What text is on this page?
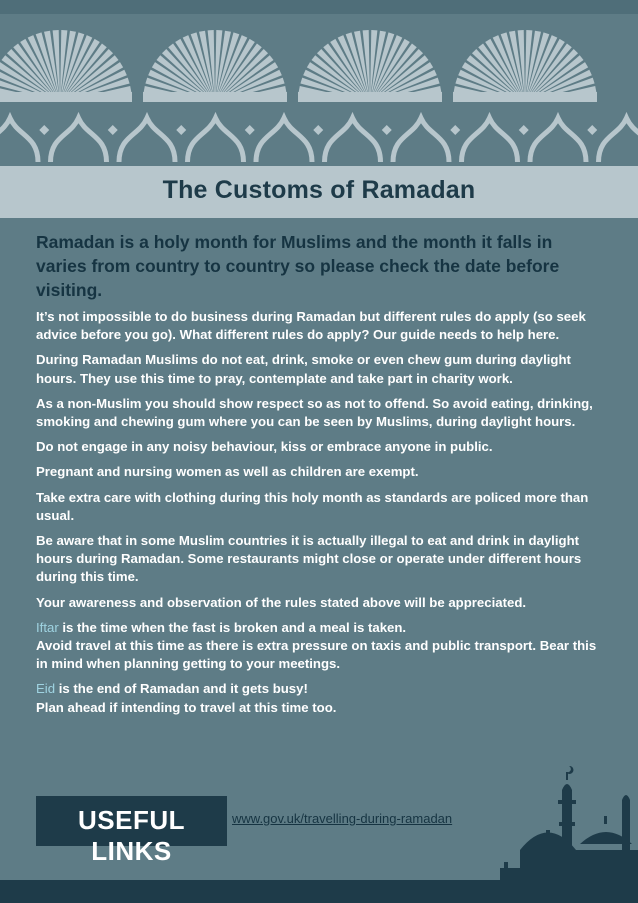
The Customs of Ramadan

Ramadan is a holy month for Muslims and the month it falls in varies from country to country so please check the date before visiting.

It’s not impossible to do business during Ramadan but different rules do apply (so seek advice before you go). What different rules do apply? Our guide needs to help here.

During Ramadan Muslims do not eat, drink, smoke or even chew gum during daylight hours. They use this time to pray, contemplate and take part in charity work.

As a non-Muslim you should show respect so as not to offend. So avoid eating, drinking, smoking and chewing gum where you can be seen by Muslims, during daylight hours.

Do not engage in any noisy behaviour, kiss or embrace anyone in public.

Pregnant and nursing women as well as children are exempt.

Take extra care with clothing during this holy month as standards are policed more than usual.

Be aware that in some Muslim countries it is actually illegal to eat and drink in daylight hours during Ramadan. Some restaurants might close or operate under different hours during this time.

Your awareness and observation of the rules stated above will be appreciated.

Iftar is the time when the fast is broken and a meal is taken.
Avoid travel at this time as there is extra pressure on taxis and public transport. Bear this in mind when planning getting to your meetings.

Eid is the end of Ramadan and it gets busy!
Plan ahead if intending to travel at this time too.

USEFUL LINKS
www.gov.uk/travelling-during-ramadan
